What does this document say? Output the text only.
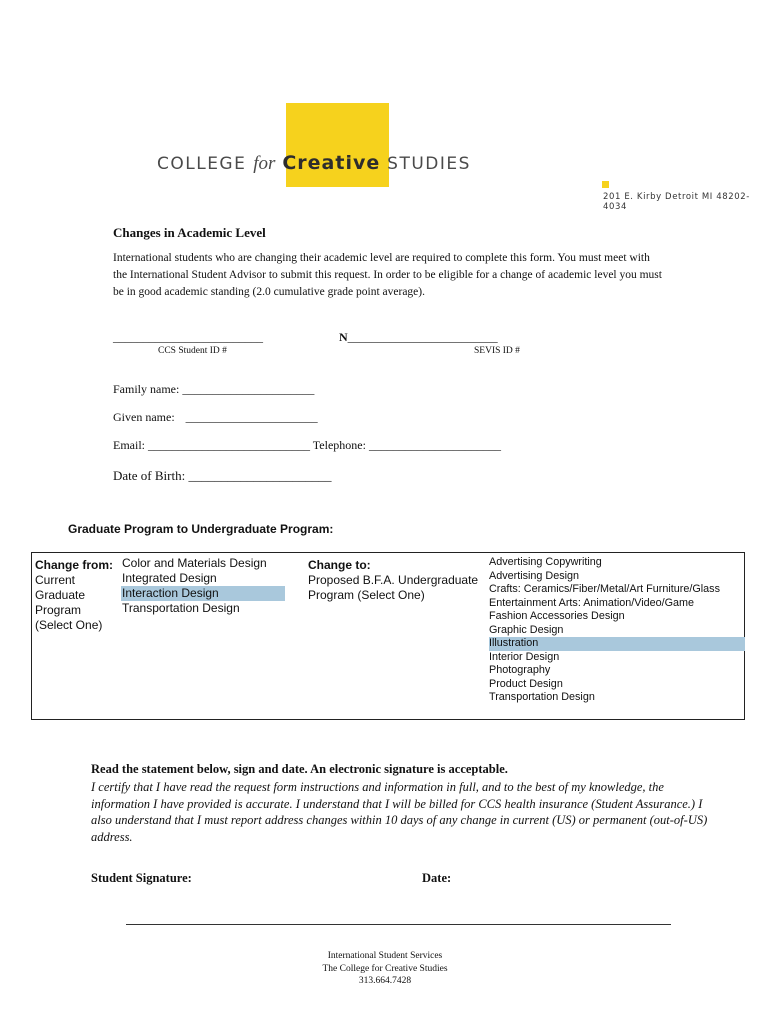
COLLEGE for Creative STUDIES
201 E. Kirby Detroit MI 48202-4034
Changes in Academic Level
International students who are changing their academic level are required to complete this form. You must meet with the International Student Advisor to submit this request. In order to be eligible for a change of academic level you must be in good academic standing (2.0 cumulative grade point average).
_________________________
CCS Student ID #
N_________________________
SEVIS ID #
Family name: ______________________
Given name: ______________________
Email: ___________________________ Telephone: ______________________
Date of Birth: ______________________
Graduate Program to Undergraduate Program:
Change from:
Current
Graduate
Program
(Select One)
Color and Materials Design
Integrated Design
Interaction Design
Transportation Design
Change to:
Proposed B.F.A. Undergraduate
Program (Select One)
Advertising Copywriting
Advertising Design
Crafts: Ceramics/Fiber/Metal/Art Furniture/Glass
Entertainment Arts: Animation/Video/Game
Fashion Accessories Design
Graphic Design
Illustration
Interior Design
Photography
Product Design
Transportation Design
Read the statement below, sign and date. An electronic signature is acceptable.
I certify that I have read the request form instructions and information in full, and to the best of my knowledge, the information I have provided is accurate. I understand that I will be billed for CCS health insurance (Student Assurance.) I also understand that I must report address changes within 10 days of any change in current (US) or permanent (out-of-US) address.
Student Signature:	Date:
International Student Services
The College for Creative Studies
313.664.7428
